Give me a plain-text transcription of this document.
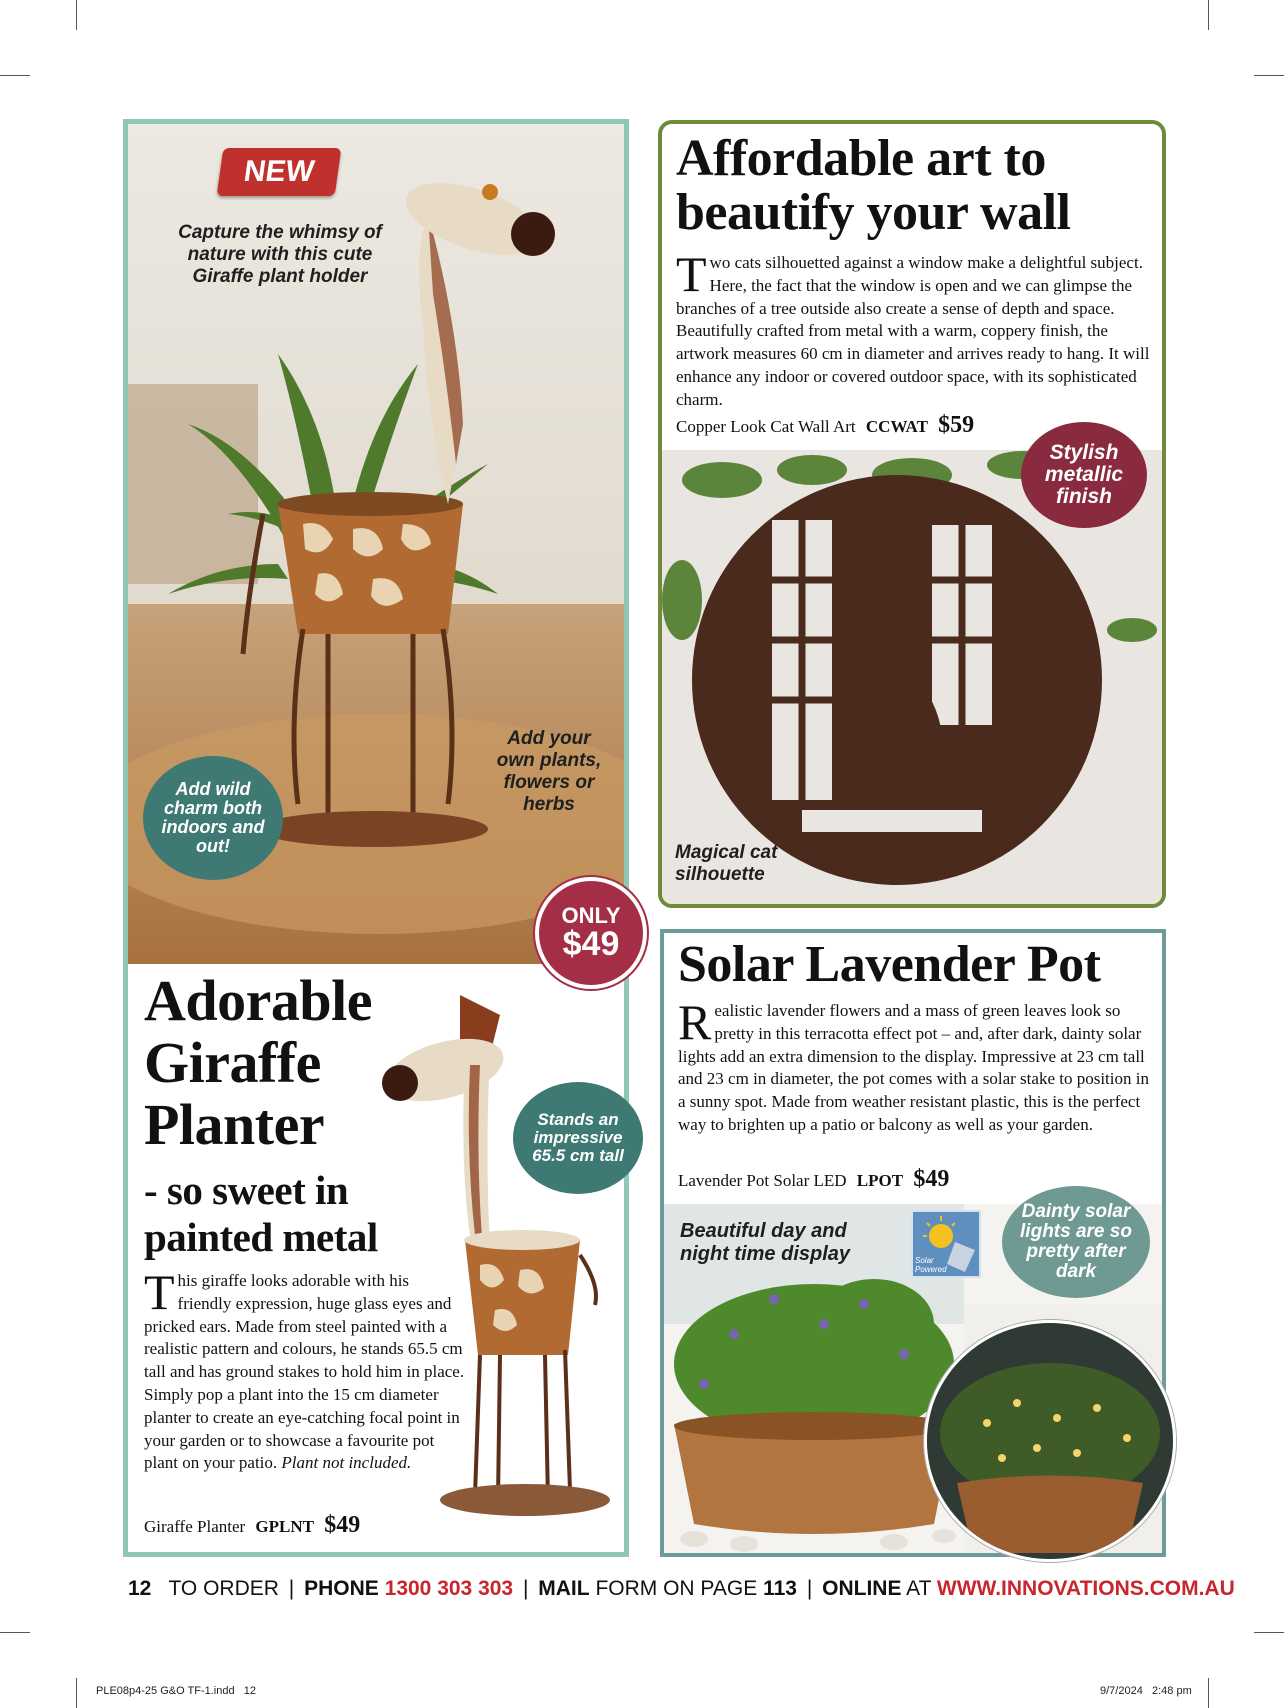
NEW
Capture the whimsy of nature with this cute Giraffe plant holder
Add your own plants, flowers or herbs
Add wild charm both indoors and out!
ONLY
$49
Adorable
Giraffe
Planter
- so sweet in painted metal
Stands an impressive 65.5 cm tall
This giraffe looks adorable with his friendly expression, huge glass eyes and pricked ears. Made from steel painted with a realistic pattern and colours, he stands 65.5 cm tall and has ground stakes to hold him in place. Simply pop a plant into the 15 cm diameter planter to create an eye-catching focal point in your garden or to showcase a favourite pot plant on your patio. Plant not included.
Giraffe Planter GPLNT $49
Affordable art to beautify your wall
Two cats silhouetted against a window make a delightful subject. Here, the fact that the window is open and we can glimpse the branches of a tree outside also create a sense of depth and space. Beautifully crafted from metal with a warm, coppery finish, the artwork measures 60 cm in diameter and arrives ready to hang. It will enhance any indoor or covered outdoor space, with its sophisticated charm.
Copper Look Cat Wall Art CCWAT $59
Stylish metallic finish
Magical cat silhouette
Solar Lavender Pot
Realistic lavender flowers and a mass of green leaves look so pretty in this terracotta effect pot – and, after dark, dainty solar lights add an extra dimension to the display. Impressive at 23 cm tall and 23 cm in diameter, the pot comes with a solar stake to position in a sunny spot. Made from weather resistant plastic, this is the perfect way to brighten up a patio or balcony as well as your garden.
Lavender Pot Solar LED LPOT $49
Beautiful day and night time display	Solar Powered
Dainty solar lights are so pretty after dark
12 TO ORDER | PHONE 1300 303 303 | MAIL FORM ON PAGE 113 | ONLINE AT WWW.INNOVATIONS.COM.AU
PLE08p4-25 G&O TF-1.indd   12	9/7/2024   2:48 pm
